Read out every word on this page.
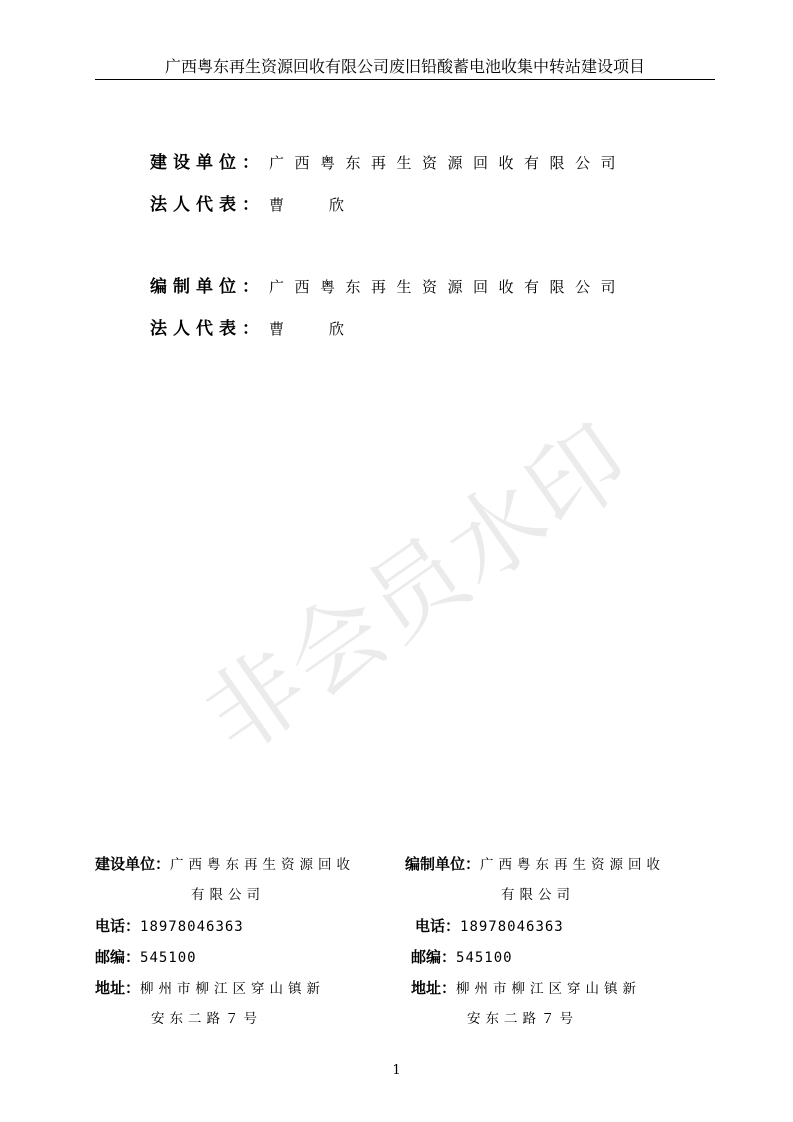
广西粤东再生资源回收有限公司废旧铅酸蓄电池收集中转站建设项目
建设单位： 广西粤东再生资源回收有限公司
法人代表： 曹　　　欣
编制单位： 广西粤东再生资源回收有限公司
法人代表： 曹　　　欣
非会员水印
建设单位：广西粤东再生资源回收
有限公司
电话：18978046363
邮编：545100
地址：柳州市柳江区穿山镇新
安东二路７号
编制单位：广西粤东再生资源回收
有限公司
电话：18978046363
邮编：545100
地址：柳州市柳江区穿山镇新
安东二路７号
1
